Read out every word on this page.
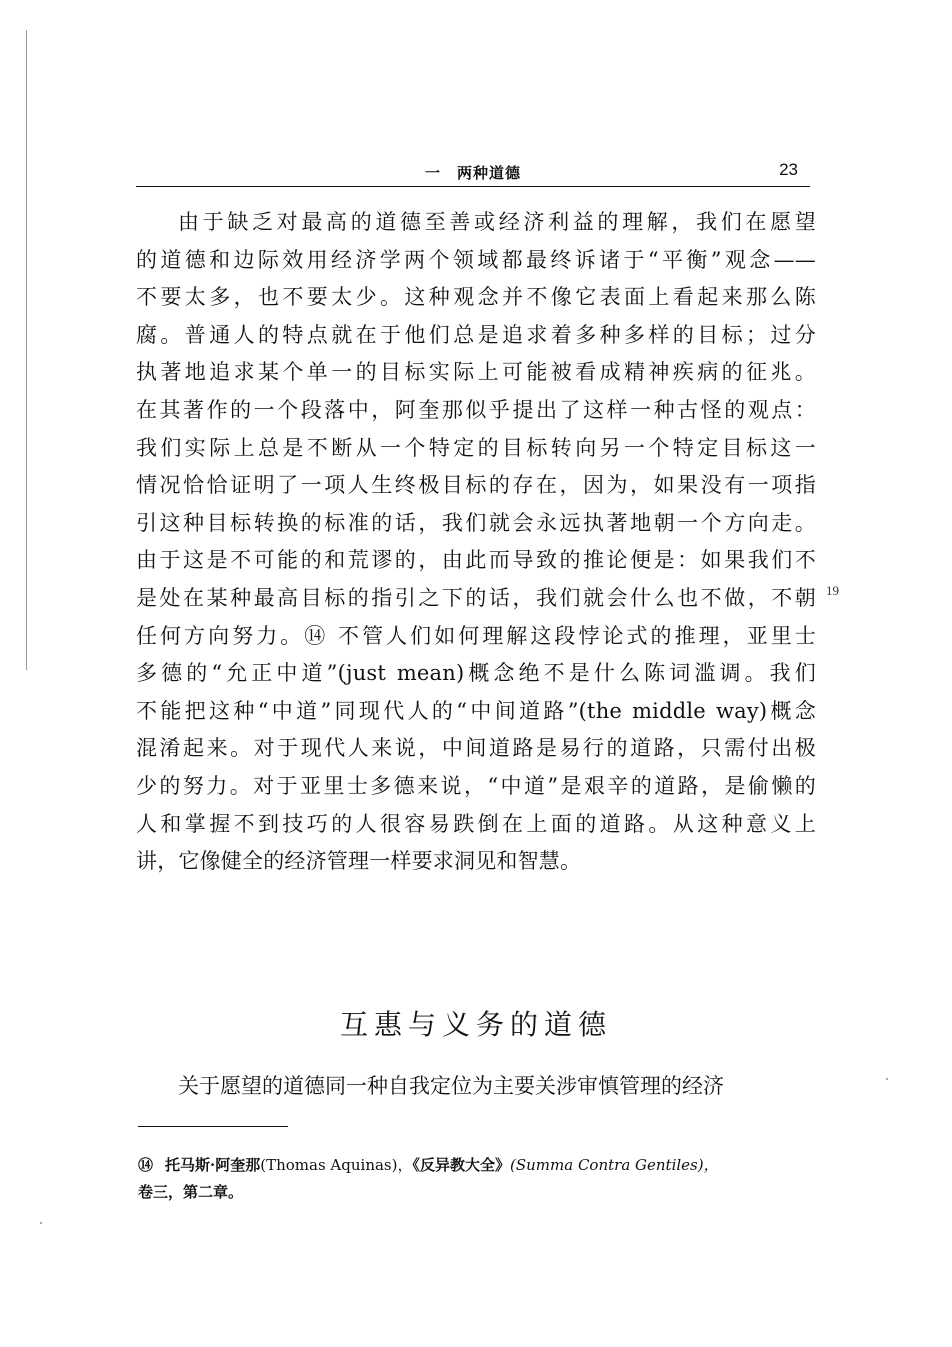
一　两种道德	23
由于缺乏对最高的道德至善或经济利益的理解，我们在愿望
的道德和边际效用经济学两个领域都最终诉诸于“平衡”观念——
不要太多，也不要太少。这种观念并不像它表面上看起来那么陈
腐。普通人的特点就在于他们总是追求着多种多样的目标；过分
执著地追求某个单一的目标实际上可能被看成精神疾病的征兆。
在其著作的一个段落中，阿奎那似乎提出了这样一种古怪的观点：
我们实际上总是不断从一个特定的目标转向另一个特定目标这一
情况恰恰证明了一项人生终极目标的存在，因为，如果没有一项指
引这种目标转换的标准的话，我们就会永远执著地朝一个方向走。
由于这是不可能的和荒谬的，由此而导致的推论便是：如果我们不
是处在某种最高目标的指引之下的话，我们就会什么也不做，不朝
任何方向努力。⑭ 不管人们如何理解这段悖论式的推理，亚里士
多德的“允正中道”(just mean)概念绝不是什么陈词滥调。我们
不能把这种“中道”同现代人的“中间道路”(the middle way)概念
混淆起来。对于现代人来说，中间道路是易行的道路，只需付出极
少的努力。对于亚里士多德来说，“中道”是艰辛的道路，是偷懒的
人和掌握不到技巧的人很容易跌倒在上面的道路。从这种意义上
讲，它像健全的经济管理一样要求洞见和智慧。
19
互惠与义务的道德
关于愿望的道德同一种自我定位为主要关涉审慎管理的经济
⑭ 托马斯·阿奎那(Thomas Aquinas)，《反异教大全》(Summa Contra Gentiles)，
卷三，第二章。
